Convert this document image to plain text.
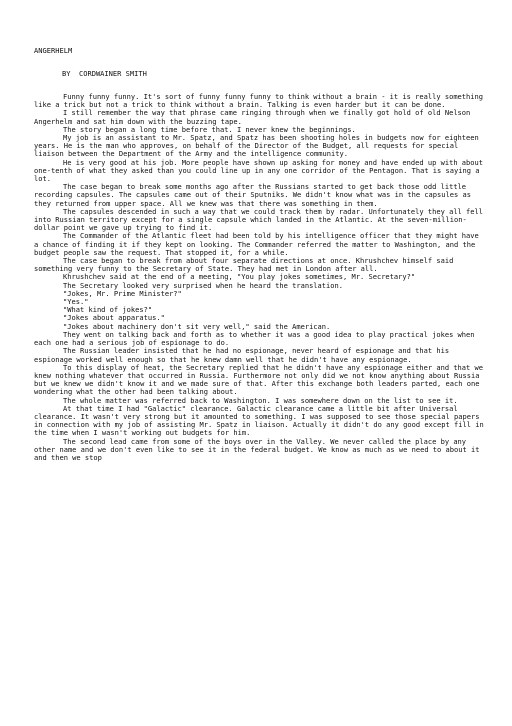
ANGERHELM
BY  CORDWAINER SMITH

Funny funny funny. It's sort of funny funny funny to think without a brain - it is really something like a trick but not a trick to think without a brain. Talking is even harder but it can be done.

I still remember the way that phrase came ringing through when we finally got hold of old Nelson Angerhelm and sat him down with the buzzing tape.

The story began a long time before that. I never knew the beginnings.

My job is an assistant to Mr. Spatz, and Spatz has been shooting holes in budgets now for eighteen years. He is the man who approves, on behalf of the Director of the Budget, all requests for special liaison between the Department of the Army and the intelligence community.

He is very good at his job. More people have shown up asking for money and have ended up with about one-tenth of what they asked than you could line up in any one corridor of the Pentagon. That is saying a lot.

The case began to break some months ago after the Russians started to get back those odd little recording capsules. The capsules came out of their Sputniks. We didn't know what was in the capsules as they returned from upper space. All we knew was that there was something in them.

The capsules descended in such a way that we could track them by radar. Unfortunately they all fell into Russian territory except for a single capsule which landed in the Atlantic. At the seven-million-dollar point we gave up trying to find it.

The Commander of the Atlantic fleet had been told by his intelligence officer that they might have a chance of finding it if they kept on looking. The Commander referred the matter to Washington, and the budget people saw the request. That stopped it, for a while.

The case began to break from about four separate directions at once. Khrushchev himself said something very funny to the Secretary of State. They had met in London after all.

Khrushchev said at the end of a meeting, "You play jokes sometimes, Mr. Secretary?"

The Secretary looked very surprised when he heard the translation.

"Jokes, Mr. Prime Minister?"

"Yes."

"What kind of jokes?"

"Jokes about apparatus."

"Jokes about machinery don't sit very well," said the American.

They went on talking back and forth as to whether it was a good idea to play practical jokes when each one had a serious job of espionage to do.

The Russian leader insisted that he had no espionage, never heard of espionage and that his espionage worked well enough so that he knew damn well that he didn't have any espionage.

To this display of heat, the Secretary replied that he didn't have any espionage either and that we knew nothing whatever that occurred in Russia. Furthermore not only did we not know anything about Russia but we knew we didn't know it and we made sure of that. After this exchange both leaders parted, each one wondering what the other had been talking about.

The whole matter was referred back to Washington. I was somewhere down on the list to see it.

At that time I had "Galactic" clearance. Galactic clearance came a little bit after Universal clearance. It wasn't very strong but it amounted to something. I was supposed to see those special papers in connection with my job of assisting Mr. Spatz in liaison. Actually it didn't do any good except fill in the time when I wasn't working out budgets for him.

The second lead came from some of the boys over in the Valley. We never called the place by any other name and we don't even like to see it in the federal budget. We know as much as we need to about it and then we stop
